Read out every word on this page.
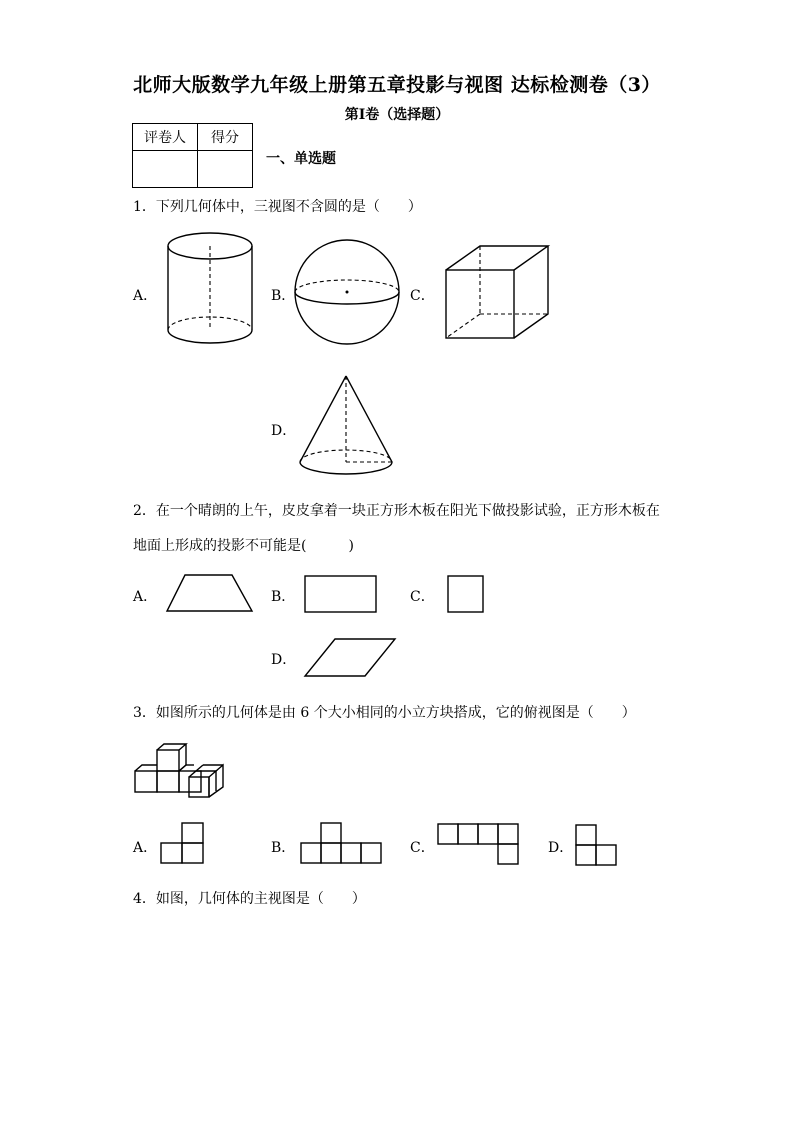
北师大版数学九年级上册第五章投影与视图 达标检测卷（3）
第I卷（选择题）
评卷人	得分

一、单选题
1．下列几何体中，三视图不含圆的是（　　）
A．	B．	C．
D．
2．在一个晴朗的上午，皮皮拿着一块正方形木板在阳光下做投影试验，正方形木板在
地面上形成的投影不可能是(　　　)
A．	B．	C．
D．
3．如图所示的几何体是由 6 个大小相同的小立方块搭成，它的俯视图是（　　）
A．	B．	C．	D．
4．如图，几何体的主视图是（　　）
